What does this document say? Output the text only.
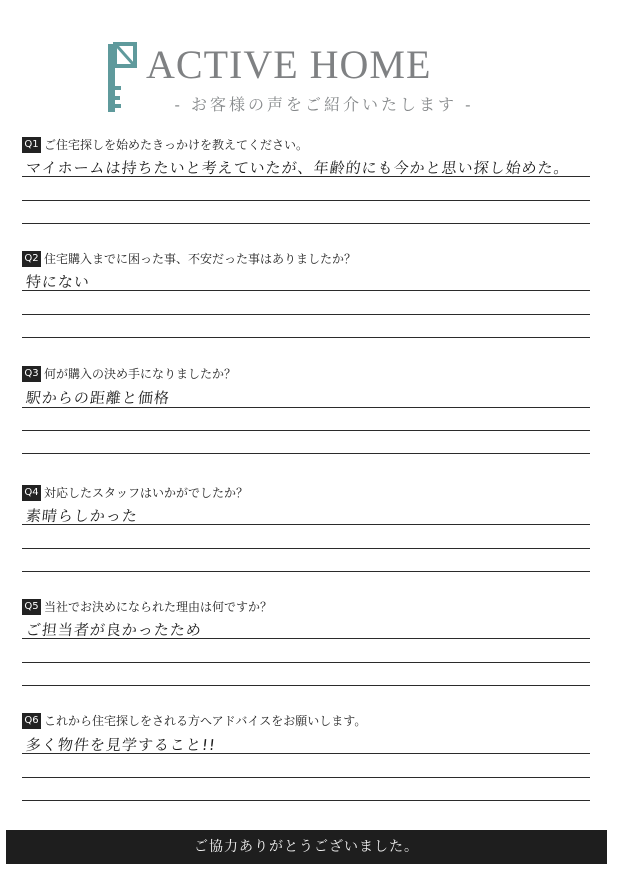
ACTIVE HOME
- お客様の声をご紹介いたします -
Q1 ご住宅探しを始めたきっかけを教えてください。
マイホームは持ちたいと考えていたが、年齢的にも今かと思い探し始めた。
Q2 住宅購入までに困った事、不安だった事はありましたか？
特にない
Q3 何が購入の決め手になりましたか？
駅からの距離と価格
Q4 対応したスタッフはいかがでしたか？
素晴らしかった
Q5 当社でお決めになられた理由は何ですか？
ご担当者が良かったため
Q6 これから住宅探しをされる方へアドバイスをお願いします。
多く物件を見学すること!!
ご協力ありがとうございました。
